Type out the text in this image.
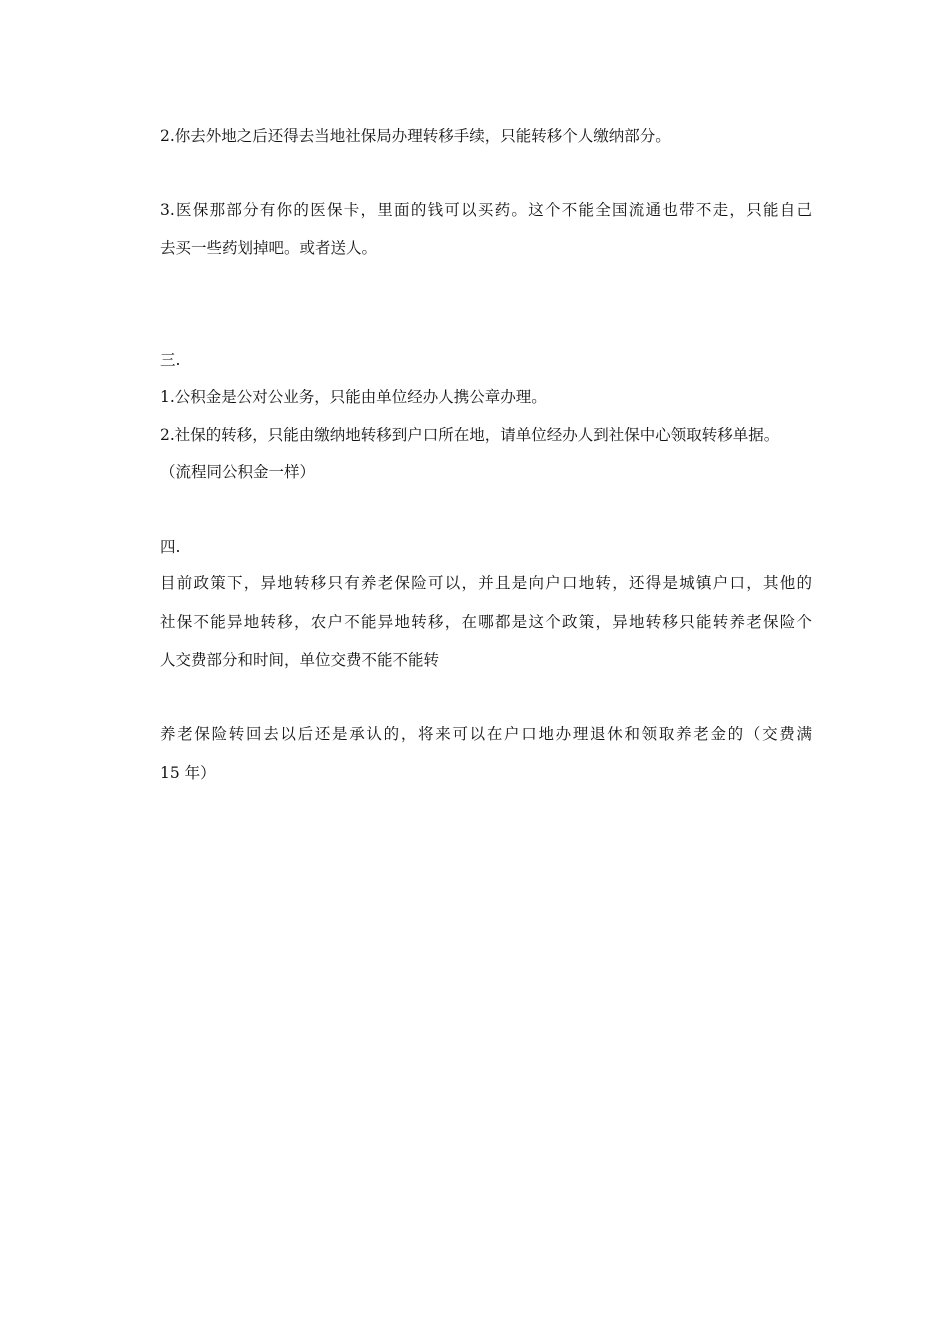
2.你去外地之后还得去当地社保局办理转移手续，只能转移个人缴纳部分。
3.医保那部分有你的医保卡，里面的钱可以买药。这个不能全国流通也带不走，只能自己
去买一些药划掉吧。或者送人。
三.
1.公积金是公对公业务，只能由单位经办人携公章办理。
2.社保的转移，只能由缴纳地转移到户口所在地，请单位经办人到社保中心领取转移单据。
（流程同公积金一样）
四.
目前政策下，异地转移只有养老保险可以，并且是向户口地转，还得是城镇户口，其他的
社保不能异地转移，农户不能异地转移，在哪都是这个政策，异地转移只能转养老保险个
人交费部分和时间，单位交费不能不能转
养老保险转回去以后还是承认的，将来可以在户口地办理退休和领取养老金的（交费满
15 年）
